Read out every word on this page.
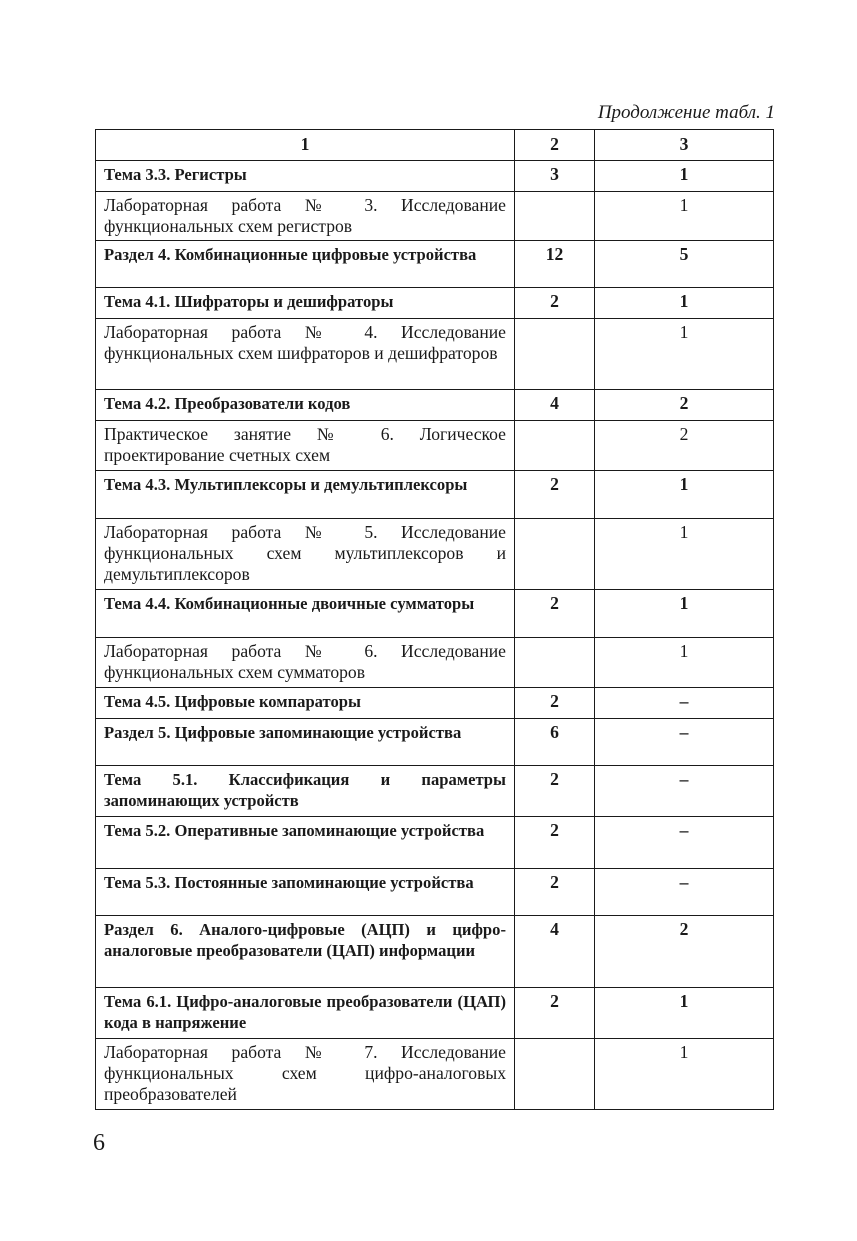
Продолжение табл. 1
1	2	3
Тема 3.3. Регистры	3	1
Лабораторная работа № 3. Исследование функциональных схем регистров		1
Раздел 4. Комбинационные цифровые устройства	12	5
Тема 4.1. Шифраторы и дешифраторы	2	1
Лабораторная работа № 4. Исследование функциональных схем шифраторов и дешифраторов		1
Тема 4.2. Преобразователи кодов	4	2
Практическое занятие № 6. Логическое проектирование счетных схем		2
Тема 4.3. Мультиплексоры и демультиплексоры	2	1
Лабораторная работа № 5. Исследование функциональных схем мультиплексоров и демультиплексоров		1
Тема 4.4. Комбинационные двоичные сумматоры	2	1
Лабораторная работа № 6. Исследование функциональных схем сумматоров		1
Тема 4.5. Цифровые компараторы	2	–
Раздел 5. Цифровые запоминающие устройства	6	–
Тема 5.1. Классификация и параметры запоминающих устройств	2	–
Тема 5.2. Оперативные запоминающие устройства	2	–
Тема 5.3. Постоянные запоминающие устройства	2	–
Раздел 6. Аналого-цифровые (АЦП) и цифро-аналоговые преобразователи (ЦАП) информации	4	2
Тема 6.1. Цифро-аналоговые преобразователи (ЦАП) кода в напряжение	2	1
Лабораторная работа № 7. Исследование функциональных схем цифро-аналоговых преобразователей		1
6
